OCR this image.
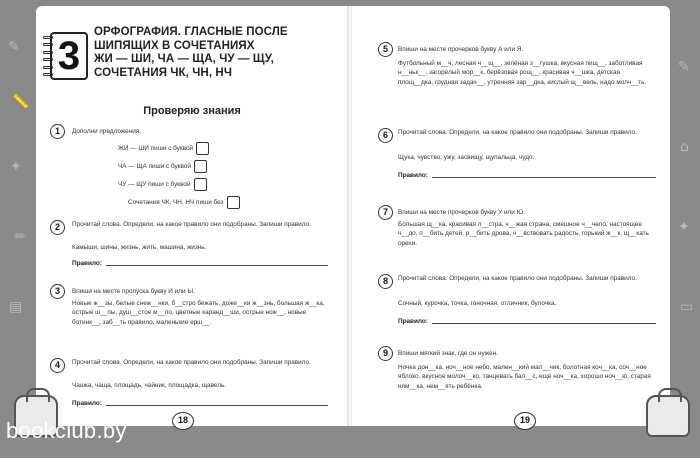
✎
📏
✦
✏
▤
✎
⌂
✦
▭
3
ОРФОГРАФИЯ. ГЛАСНЫЕ ПОСЛЕ
ШИПЯЩИХ В СОЧЕТАНИЯХ
ЖИ — ШИ, ЧА — ЩА, ЧУ — ЩУ,
СОЧЕТАНИЯ ЧК, ЧН, НЧ
Проверяю знания
1	Дополни предложения.
ЖИ — ШИ пиши с буквой
ЧА — ЩА пиши с буквой
ЧУ — ЩУ пиши с буквой
Сочетания ЧК, ЧН, НЧ пиши без
2	Прочитай слова. Определи, на какое правило они подобраны. Запиши правило.
Камыши, шины, жизнь, жить, машина, жизнь.
Правило:
3	Впиши на месте пропуска букву И или Ы.
Новые ж__зы, белые снеж__нки, б__стро бежать, доже__ки ж__знь, большая ж__ка, острые ш__пы, душ__стое м__ло, цветные каранд__ши, острые нож__, новые ботинк__, заб__ть правило, маленькие ерш__.
4	Прочитай слова. Определи, на какое правило они подобраны. Запиши правило.
Чашка, чаща, площадь, чайник, площадка, щавель.
Правило:
5	Впиши на месте прочерков букву А или Я.
Футбольный м__ч, лесная ч__щ__, зелёная з__гушка, вкусная пищ__, заботливая н__ньк__, загорелый мор__к, берёзовая рощ__, красивая ч__шка, детская площ__дка, грудная задач__, утренняя зар__дка, кислый щ__вель, надо молч__ть.
6	Прочитай слова. Определи, на какое правило они подобраны. Запиши правило.
Щука, чувство, ужу, засвищу, щупальца, чудо.
Правило:
7	Впиши на месте прочерков букву У или Ю.
Большая щ__ка, красивая л__стра, ч__жая страна, смешное ч__чело, настоящее ч__до, п__бить детей, р__бить дрова, ч__вствовать радость, горький ж__к, щ__кать орехи.
8	Прочитай слова. Определи, на какое правило они подобраны. Запиши правило.
Сочный, курочка, точка, гоночная, отличник, булочка.
Правило:
9	Впиши мягкий знак, где он нужен.
Ночка дон__ка, ноч__ное небо, мален__кий мал__чик, болотная коч__ка, соч__ное яблоко, вкусное молоч__ко, танцевать бал__с, ещё ноч__ка, хорошо ноч__ю, старая ням__ка, нем__ять ребёнка.
18	19
bookclub.by
